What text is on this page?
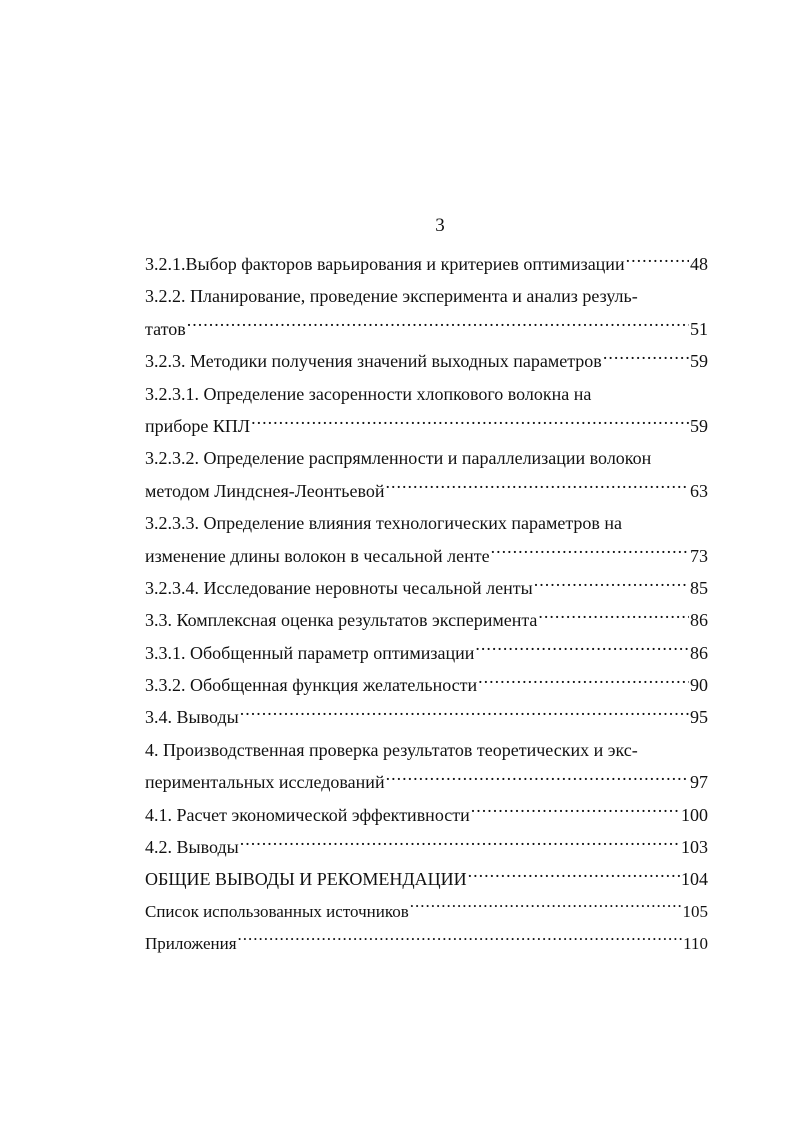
3
3.2.1.Выбор факторов варьирования и критериев оптимизации .....	48
3.2.2. Планирование, проведение эксперимента и анализ резуль-
татов .....	51
3.2.3. Методики получения значений выходных параметров .....	59
3.2.3.1. Определение засоренности хлопкового волокна на
приборе КПЛ .....	59
3.2.3.2. Определение распрямленности и параллелизации волокон
методом Линдснея-Леонтьевой .....	63
3.2.3.3. Определение влияния технологических параметров на
изменение длины волокон в чесальной ленте .....	73
3.2.3.4. Исследование неровноты чесальной ленты .....	85
3.3. Комплексная оценка результатов эксперимента .....	86
3.3.1. Обобщенный параметр оптимизации .....	86
3.3.2. Обобщенная функция желательности .....	90
3.4. Выводы .....	95
4. Производственная проверка результатов теоретических и экс-
периментальных исследований .....	97
4.1. Расчет экономической эффективности .....	100
4.2. Выводы .....	103
ОБЩИЕ ВЫВОДЫ И РЕКОМЕНДАЦИИ .....	104
Список использованных источников .....	105
Приложения .....	110
